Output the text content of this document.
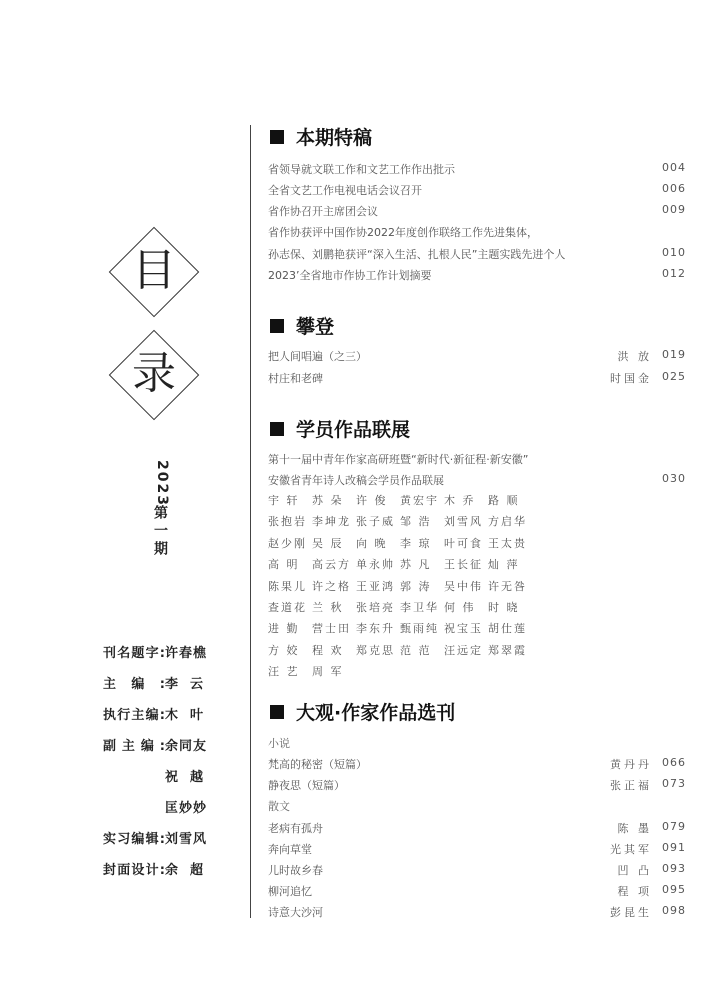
目
录
2023
第一期
刊名题字: 许春樵
主编: 李云
执行主编: 木叶
副主编: 余同友
祝越
匡妙妙
实习编辑: 刘雪风
封面设计: 余超
本期特稿
省领导就文联工作和文艺工作作出批示	004
全省文艺工作电视电话会议召开	006
省作协召开主席团会议	009
省作协获评中国作协2022年度创作联络工作先进集体，
孙志保、刘鹏艳获评“深入生活、扎根人民”主题实践先进个人	010
2023’全省地市作协工作计划摘要	012
攀登
把人间唱遍（之三）	洪 放 019
村庄和老碑	时国金 025
学员作品联展
第十一届中青年作家高研班暨“新时代·新征程·新安徽”
安徽省青年诗人改稿会学员作品联展	030
宇 轩	苏 朵	许 俊	黄宏宇 木 乔	路 顺
张抱岩 李坤龙 张子威 邹 浩	刘雪风 方启华
赵少刚 吴 辰	向 晚	李 琼	叶可食 王太贵
高 明	高云方 单永帅 苏 凡	王长征 灿 萍
陈果儿 许之格 王亚鸿 郭 涛	吴中伟 许无咎
查道花 兰 秋	张培亮 李卫华 何 伟	时 晓
进 勤	营士田 李东升 甄雨纯 祝宝玉 胡仕莲
方 姣	程 欢	郑克思 范 范	汪远定 郑翠霞
汪 艺	周 军
大观·作家作品选刊
小说
梵高的秘密（短篇）	黄丹丹 066
静夜思（短篇）	张正福 073
散文
老病有孤舟	陈 墨 079
奔向草堂	光其军 091
儿时故乡春	凹 凸 093
柳河追忆	程 项 095
诗意大沙河	彭昆生 098
